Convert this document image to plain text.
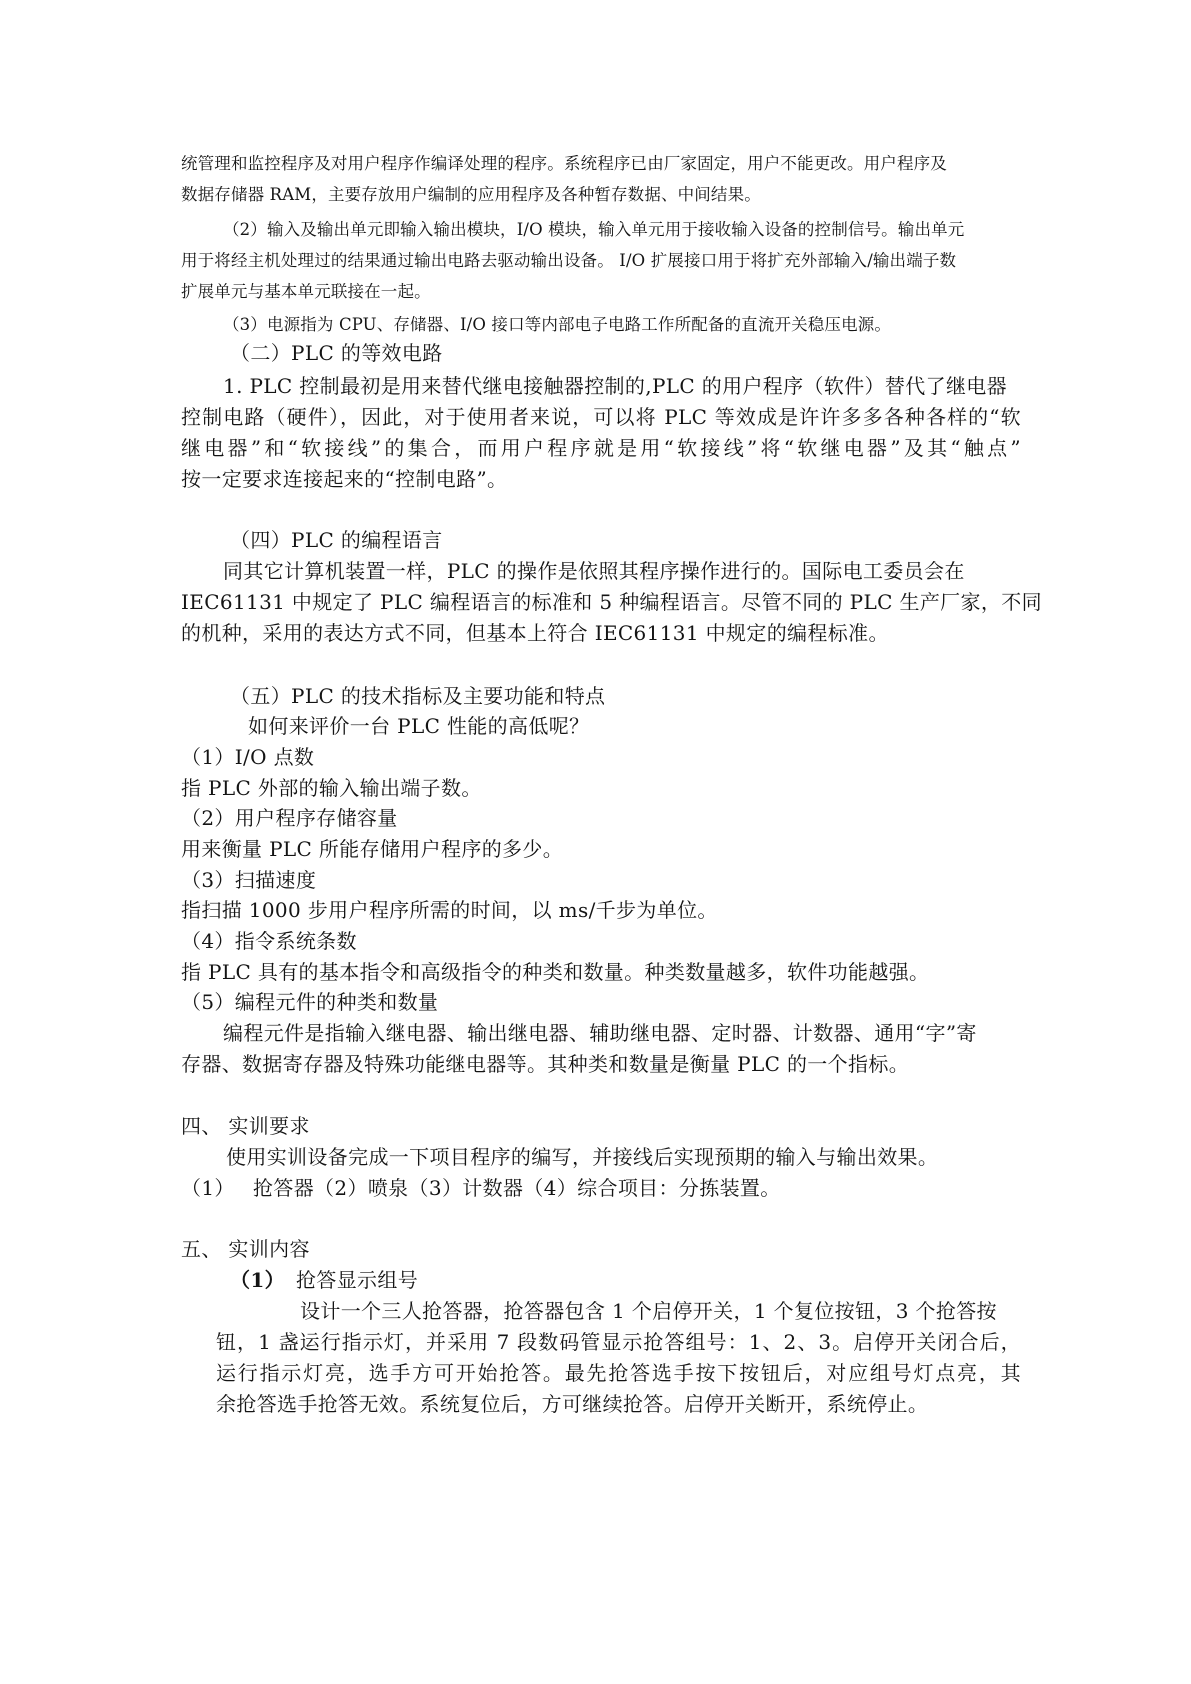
统管理和监控程序及对用户程序作编译处理的程序。系统程序已由厂家固定，用户不能更改。用户程序及

数据存储器 RAM，主要存放用户编制的应用程序及各种暂存数据、中间结果。

（2）输入及输出单元即输入输出模块，I/O 模块，输入单元用于接收输入设备的控制信号。输出单元

用于将经主机处理过的结果通过输出电路去驱动输出设备。 I/O 扩展接口用于将扩充外部输入/输出端子数

扩展单元与基本单元联接在一起。

（3）电源指为 CPU、存储器、I/O 接口等内部电子电路工作所配备的直流开关稳压电源。

（二）PLC 的等效电路

1. PLC 控制最初是用来替代继电接触器控制的,PLC 的用户程序（软件）替代了继电器

控制电路（硬件），因此，对于使用者来说，可以将 PLC 等效成是许许多多各种各样的“软

继电器”和“软接线”的集合，而用户程序就是用“软接线”将“软继电器”及其“触点”

按一定要求连接起来的“控制电路”。

（四）PLC 的编程语言

同其它计算机装置一样，PLC 的操作是依照其程序操作进行的。国际电工委员会在

IEC61131 中规定了 PLC 编程语言的标准和 5 种编程语言。尽管不同的 PLC 生产厂家，不同

的机种，采用的表达方式不同，但基本上符合 IEC61131 中规定的编程标准。

（五）PLC 的技术指标及主要功能和特点

如何来评价一台 PLC 性能的高低呢？

（1）I/O 点数

指 PLC 外部的输入输出端子数。

（2）用户程序存储容量

用来衡量 PLC 所能存储用户程序的多少。

（3）扫描速度

指扫描 1000 步用户程序所需的时间，以 ms/千步为单位。

（4）指令系统条数

指 PLC 具有的基本指令和高级指令的种类和数量。种类数量越多，软件功能越强。

（5）编程元件的种类和数量

编程元件是指输入继电器、输出继电器、辅助继电器、定时器、计数器、通用“字”寄

存器、数据寄存器及特殊功能继电器等。其种类和数量是衡量 PLC 的一个指标。

四、 实训要求

使用实训设备完成一下项目程序的编写，并接线后实现预期的输入与输出效果。

（1） 抢答器（2）喷泉（3）计数器（4）综合项目：分拣装置。

五、 实训内容

（1） 抢答显示组号

设计一个三人抢答器，抢答器包含 1 个启停开关，1 个复位按钮，3 个抢答按

钮，1 盏运行指示灯，并采用 7 段数码管显示抢答组号：1、2、3。启停开关闭合后，

运行指示灯亮，选手方可开始抢答。最先抢答选手按下按钮后，对应组号灯点亮，其

余抢答选手抢答无效。系统复位后，方可继续抢答。启停开关断开，系统停止。
